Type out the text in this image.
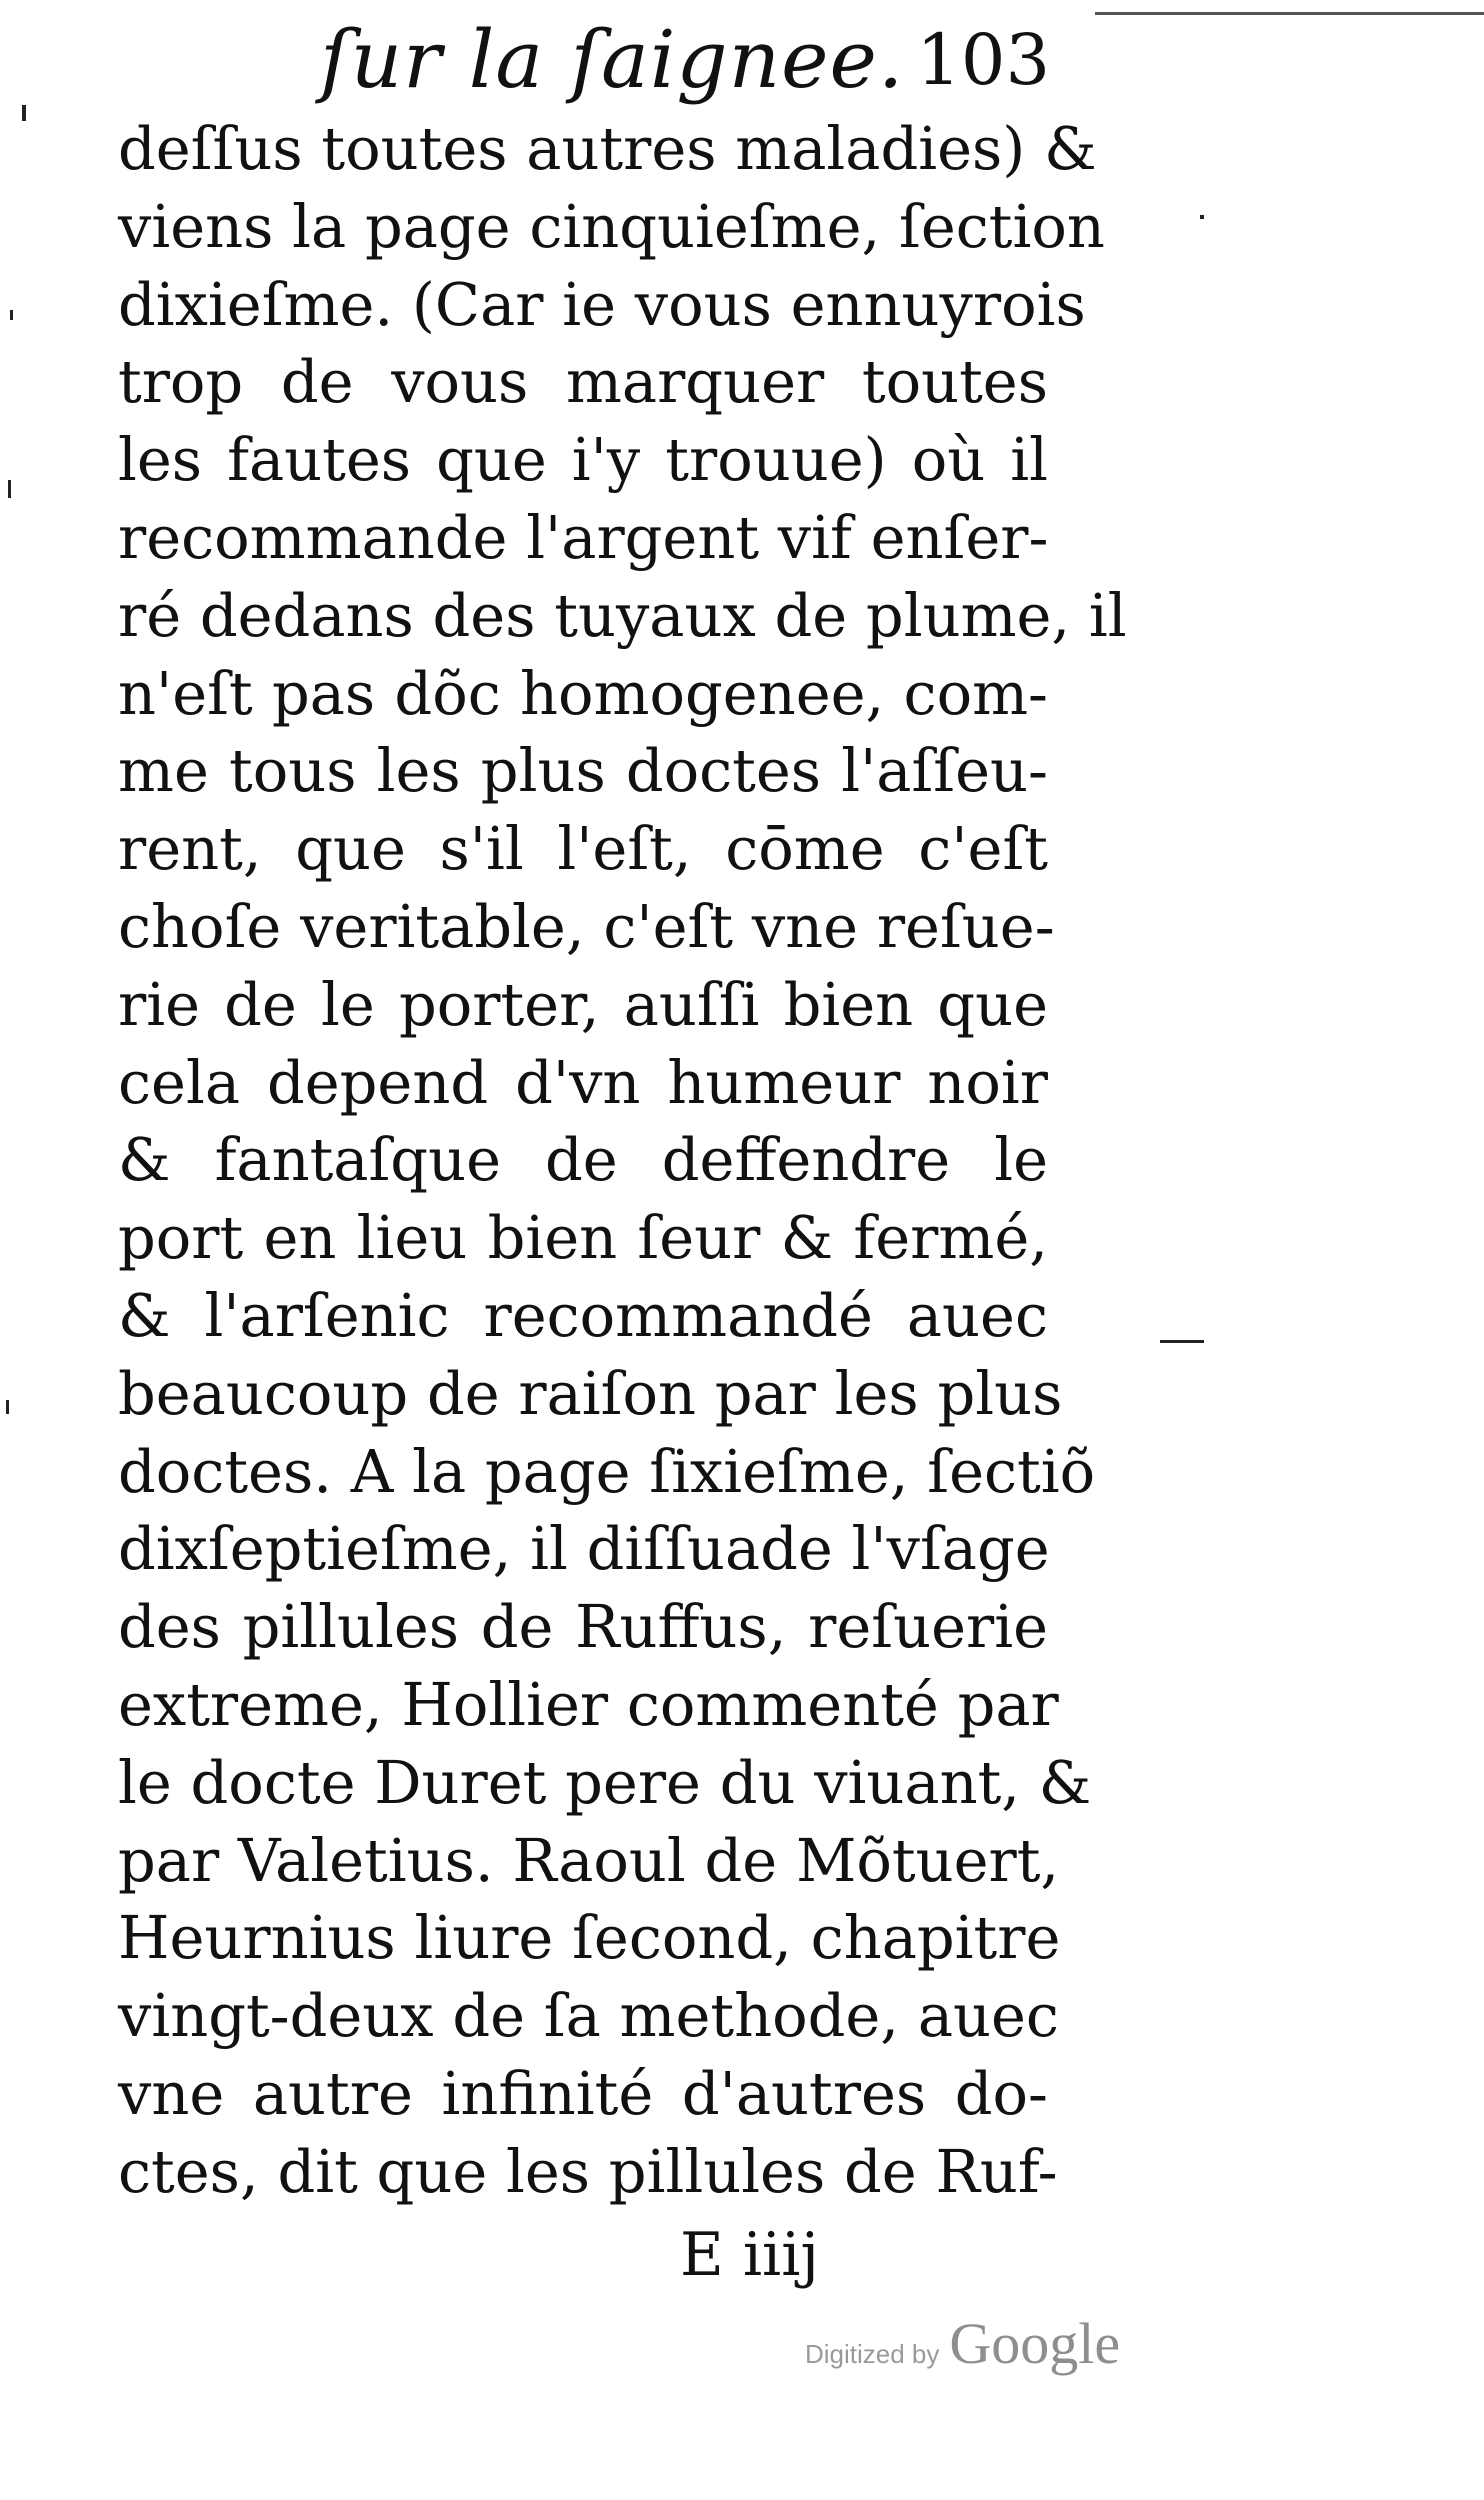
ſur la ſaignee. 103
deſſus toutes autres maladies) &
viens la page cinquieſme, ſection
dixieſme. (Car ie vous ennuyrois
trop de vous marquer toutes
les fautes que i'y trouue) où il
recommande l'argent vif enſer-
ré dedans des tuyaux de plume, il
n'eſt pas dõc homogenee, com-
me tous les plus doctes l'aſſeu-
rent, que s'il l'eſt, cōme c'eſt
choſe veritable, c'eſt vne reſue-
rie de le porter, auſſi bien que
cela depend d'vn humeur noir
& fantaſque de deffendre le
port en lieu bien ſeur & fermé,
& l'arſenic recommandé auec
beaucoup de raiſon par les plus
doctes. A la page ſixieſme, ſectiõ
dixſeptieſme, il diſſuade l'vſage
des pillules de Ruffus, reſuerie
extreme, Hollier commenté par
le docte Duret pere du viuant, &
par Valetius. Raoul de Mõtuert,
Heurnius liure ſecond, chapitre
vingt-deux de ſa methode, auec
vne autre infinité d'autres do-
ctes, dit que les pillules de Ruf-
E iiij
Digitized by Google
